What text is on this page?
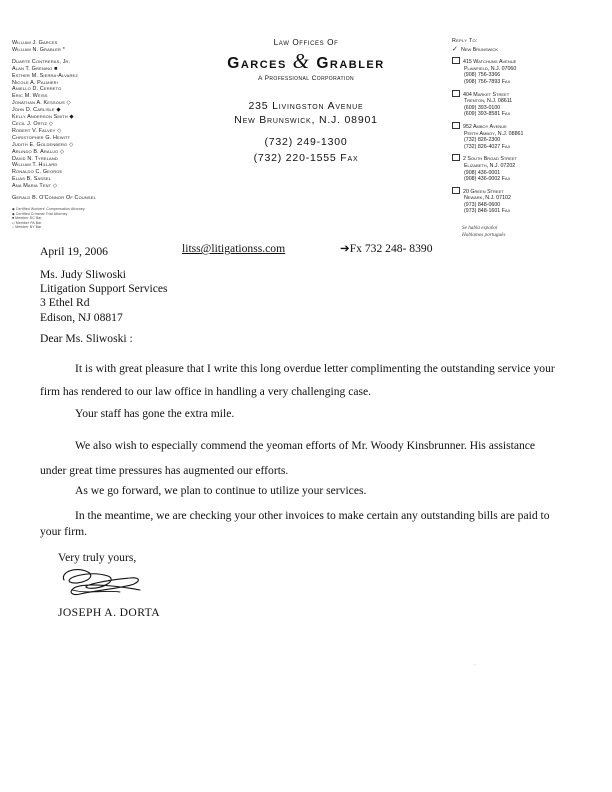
William J. Garces
William N. Grabler *
Duarte Contreras, Jr.
Alan T. Grening ■
Esther M. Sierra-Alvarez
Nicole A. Palmieri
Aniello D. Cerreto
Eric M. Weiss
Jonathan A. Kessous ◇
John D. Carlisle ◆
Kelly Anderson Smith ◆
Cecil J. Ortiz ◇
Robert V. Falvey ◇
Christopher G. Hewitt
Judith E. Goldenberg ◇
Arlindo B. Araujo ◇
David N. Tyreland
William T. Hillard
Ronaldo C. George
Elias B. Sassel
Ana Maria Tent ◇
Gerald B. O'Connor Of Counsel
◆ Certified Workers' Compensation Attorney
◆ Certified Criminal Trial Attorney
■ Member DC Bar
◇ Member PA Bar
○ Member NY Bar
Law Offices Of
Garces & Grabler
A Professional Corporation
235 Livingston Avenue
New Brunswick, N.J. 08901
(732) 249-1300
(732) 220-1555 Fax
Reply To:
✓ New Brunswick
415 Watchung Avenue
Plainfield, N.J. 07060
(908) 756-3366
(908) 756-7893 Fax
404 Market Street
Trenton, N.J. 08611
(609) 393-0100
(609) 393-8581 Fax
952 Amboy Avenue
Perth Amboy, N.J. 08861
(732) 826-2300
(732) 826-4027 Fax
2 South Broad Street
Elizabeth, N.J. 07202
(908) 436-0001
(908) 436-0002 Fax
20 Green Street
Newark, N.J. 07102
(973) 848-0600
(973) 848-1601 Fax
Se habla español
Hablamos português
April 19, 2006	litss@litigationss.com	➔Fx 732 248- 8390
Ms. Judy Sliwoski
Litigation Support Services
3 Ethel Rd
Edison, NJ 08817
Dear Ms. Sliwoski :
It is with great pleasure that I write this long overdue letter complimenting the outstanding service your firm has rendered to our law office in handling a very challenging case.
Your staff has gone the extra mile.
We also wish to especially commend the yeoman efforts of Mr. Woody Kinsbrunner. His assistance under great time pressures has augmented our efforts.
As we go forward, we plan to continue to utilize your services.
In the meantime, we are checking your other invoices to make certain any outstanding bills are paid to your firm.
Very truly yours,
JOSEPH A. DORTA
·
